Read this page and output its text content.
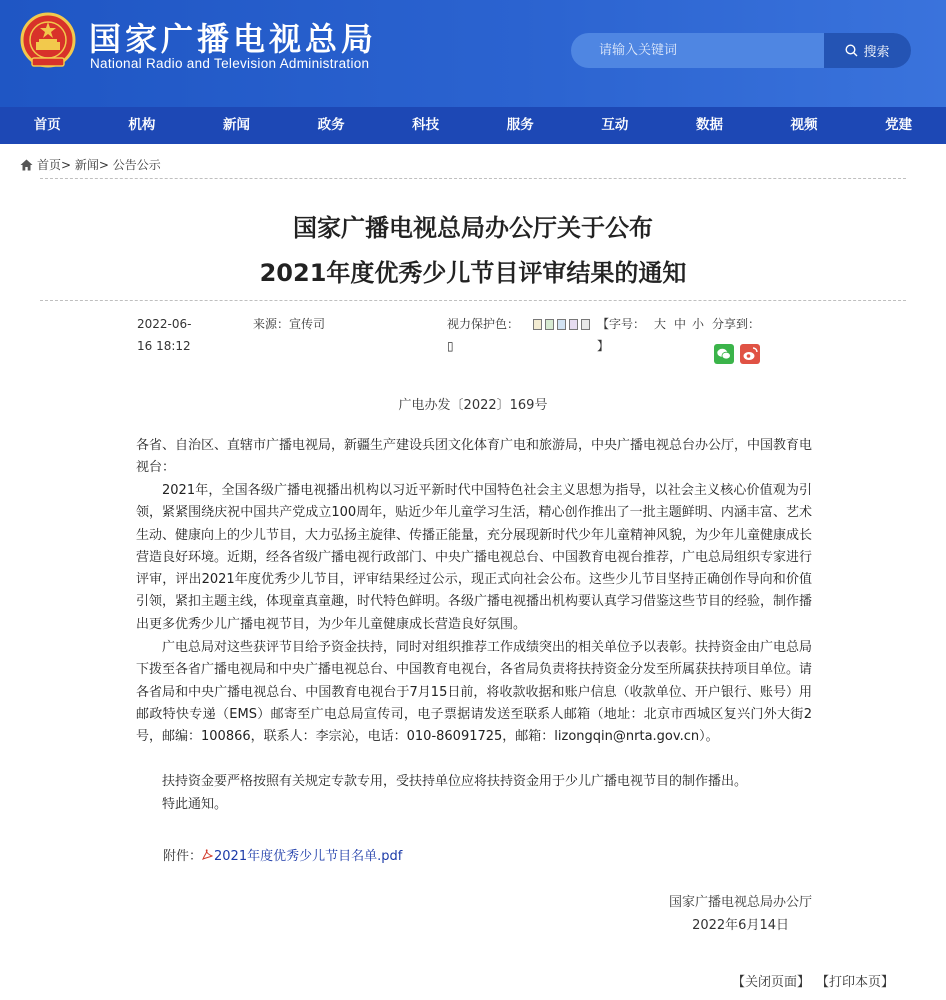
国家广播电视总局
National Radio and Television Administration
请输入关键词
搜索
首页	机构	新闻	政务	科技	服务	互动	数据	视频	党建
首页> 新闻> 公告公示
国家广播电视总局办公厅关于公布
2021年度优秀少儿节目评审结果的通知
2022-06-
16 18:12
来源：宣传司	视力保护色：
▯
【字号：
】
大 中 小 分享到：
广电办发〔2022〕169号
各省、自治区、直辖市广播电视局，新疆生产建设兵团文化体育广电和旅游局，中央广播电视总台办公厅，中国教育电视台：
2021年，全国各级广播电视播出机构以习近平新时代中国特色社会主义思想为指导，以社会主义核心价值观为引领，紧紧围绕庆祝中国共产党成立100周年，贴近少年儿童学习生活，精心创作推出了一批主题鲜明、内涵丰富、艺术生动、健康向上的少儿节目，大力弘扬主旋律、传播正能量，充分展现新时代少年儿童精神风貌，为少年儿童健康成长营造良好环境。近期，经各省级广播电视行政部门、中央广播电视总台、中国教育电视台推荐，广电总局组织专家进行评审，评出2021年度优秀少儿节目，评审结果经过公示，现正式向社会公布。这些少儿节目坚持正确创作导向和价值引领，紧扣主题主线，体现童真童趣，时代特色鲜明。各级广播电视播出机构要认真学习借鉴这些节目的经验，制作播出更多优秀少儿广播电视节目，为少年儿童健康成长营造良好氛围。
广电总局对这些获评节目给予资金扶持，同时对组织推荐工作成绩突出的相关单位予以表彰。扶持资金由广电总局下拨至各省广播电视局和中央广播电视总台、中国教育电视台，各省局负责将扶持资金分发至所属获扶持项目单位。请各省局和中央广播电视总台、中国教育电视台于7月15日前，将收款收据和账户信息（收款单位、开户银行、账号）用邮政特快专递（EMS）邮寄至广电总局宣传司，电子票据请发送至联系人邮箱（地址：北京市西城区复兴门外大街2号，邮编：100866，联系人：李宗沁，电话：010-86091725，邮箱：lizongqin@nrta.gov.cn）。
扶持资金要严格按照有关规定专款专用，受扶持单位应将扶持资金用于少儿广播电视节目的制作播出。
特此通知。
附件： 2021年度优秀少儿节目名单.pdf
国家广播电视总局办公厅
2022年6月14日
【关闭页面】 【打印本页】
